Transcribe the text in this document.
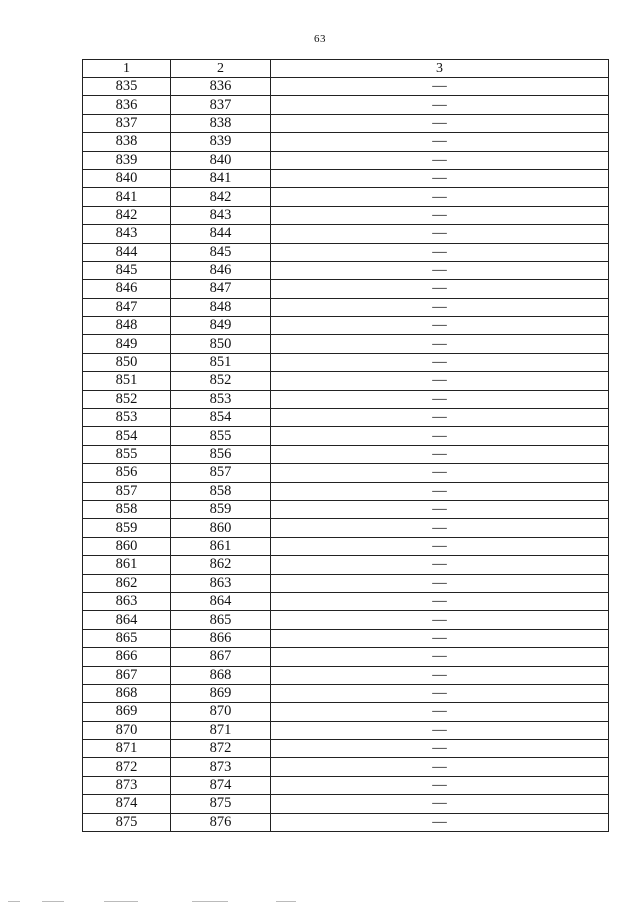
63
1	2	3
835	836	—
836	837	—
837	838	—
838	839	—
839	840	—
840	841	—
841	842	—
842	843	—
843	844	—
844	845	—
845	846	—
846	847	—
847	848	—
848	849	—
849	850	—
850	851	—
851	852	—
852	853	—
853	854	—
854	855	—
855	856	—
856	857	—
857	858	—
858	859	—
859	860	—
860	861	—
861	862	—
862	863	—
863	864	—
864	865	—
865	866	—
866	867	—
867	868	—
868	869	—
869	870	—
870	871	—
871	872	—
872	873	—
873	874	—
874	875	—
875	876	—
